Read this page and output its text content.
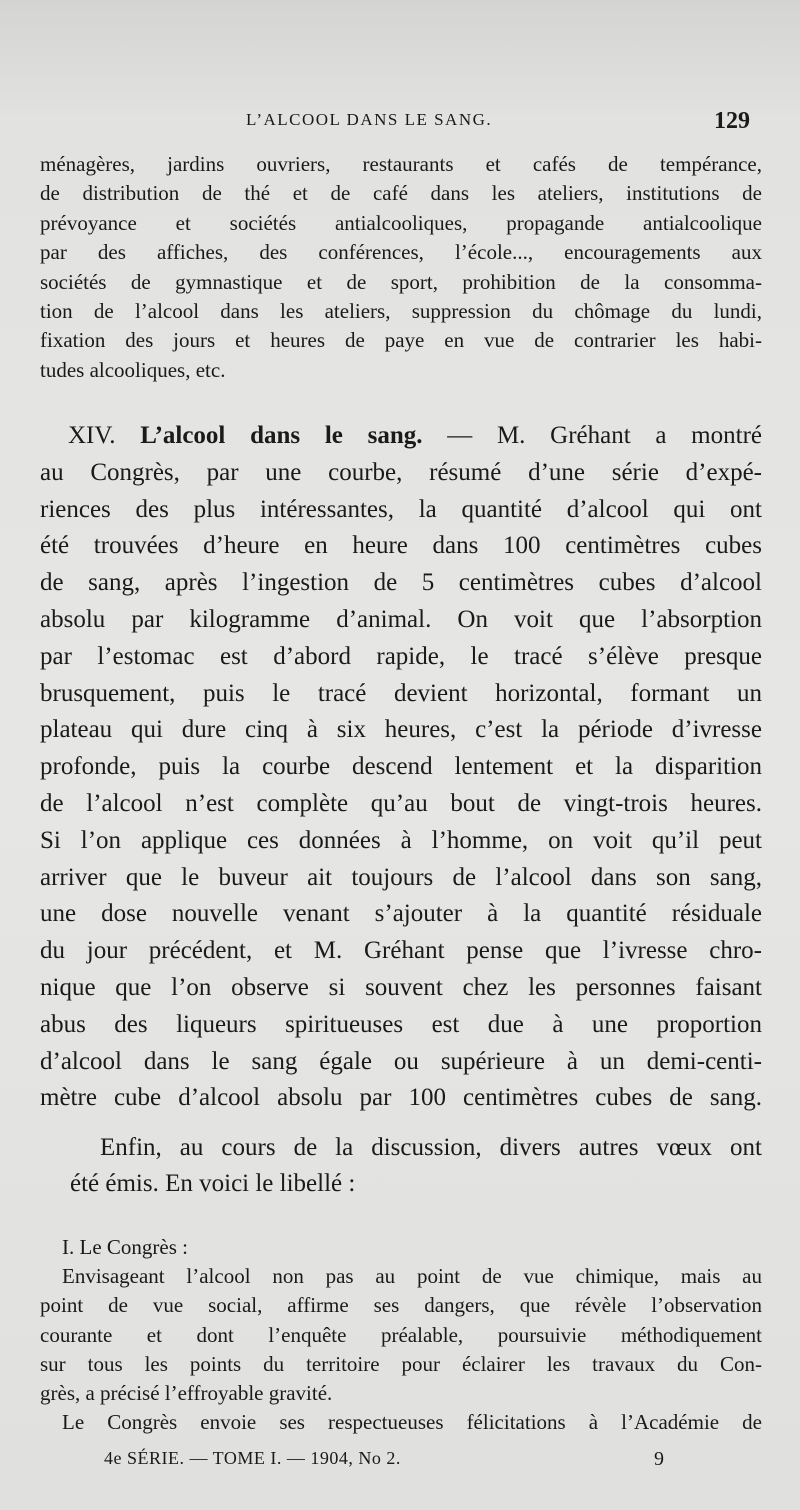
L’ALCOOL DANS LE SANG.	129
ménagères, jardins ouvriers, restaurants et cafés de tempérance,
de distribution de thé et de café dans les ateliers, institutions de
prévoyance et sociétés antialcooliques, propagande antialcoolique
par des affiches, des conférences, l’école..., encouragements aux
sociétés de gymnastique et de sport, prohibition de la consomma-
tion de l’alcool dans les ateliers, suppression du chômage du lundi,
fixation des jours et heures de paye en vue de contrarier les habi-
tudes alcooliques, etc.
XIV. L’alcool dans le sang. — M. Gréhant a montré
au Congrès, par une courbe, résumé d’une série d’expé-
riences des plus intéressantes, la quantité d’alcool qui ont
été trouvées d’heure en heure dans 100 centimètres cubes
de sang, après l’ingestion de 5 centimètres cubes d’alcool
absolu par kilogramme d’animal. On voit que l’absorption
par l’estomac est d’abord rapide, le tracé s’élève presque
brusquement, puis le tracé devient horizontal, formant un
plateau qui dure cinq à six heures, c’est la période d’ivresse
profonde, puis la courbe descend lentement et la disparition
de l’alcool n’est complète qu’au bout de vingt-trois heures.
Si l’on applique ces données à l’homme, on voit qu’il peut
arriver que le buveur ait toujours de l’alcool dans son sang,
une dose nouvelle venant s’ajouter à la quantité résiduale
du jour précédent, et M. Gréhant pense que l’ivresse chro-
nique que l’on observe si souvent chez les personnes faisant
abus des liqueurs spiritueuses est due à une proportion
d’alcool dans le sang égale ou supérieure à un demi-centi-
mètre cube d’alcool absolu par 100 centimètres cubes de sang.
Enfin, au cours de la discussion, divers autres vœux ont
été émis. En voici le libellé :
I. Le Congrès :
Envisageant l’alcool non pas au point de vue chimique, mais au
point de vue social, affirme ses dangers, que révèle l’observation
courante et dont l’enquête préalable, poursuivie méthodiquement
sur tous les points du territoire pour éclairer les travaux du Con-
grès, a précisé l’effroyable gravité.
Le Congrès envoie ses respectueuses félicitations à l’Académie de
4e SÉRIE. — TOME I. — 1904, No 2.	9
